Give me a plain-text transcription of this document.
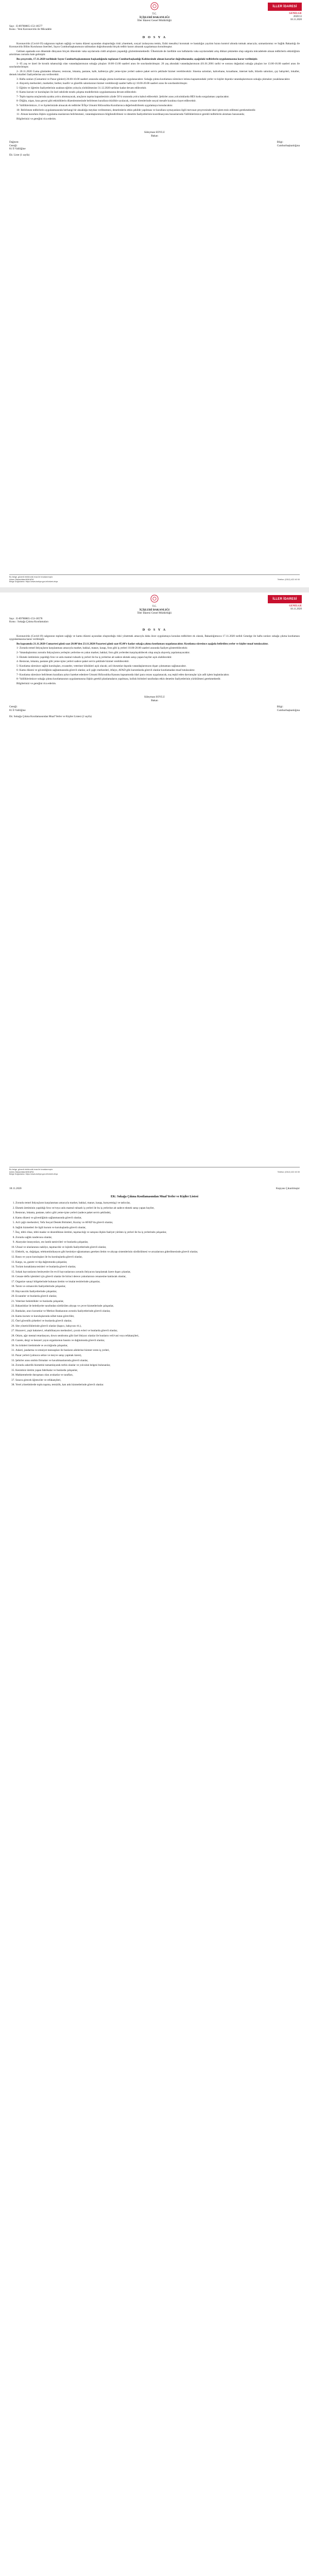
T.C.
İÇİŞLERİ BAKANLIĞI
İller İdaresi Genel Müdürlüğü
İLLER İDARESİ
GENELGE
2020/13
18.11.2020
Sayı : E-89780865-153-18577
Konu : Yeni Koronavirüs ile Mücadele
D O S Y A

Koronavirüs (Covid-19) salgınının toplum sağlığı ve kamu düzeni açısından oluşturduğu riski yönetmek, sosyal izolasyonu temin, fiziki mesafeyi korumak ve hastalığın yayılım hızını kontrol altında tutmak amacıyla; uzmanlarımız ve Sağlık Bakanlığı ile Koronavirüs Bilim Kurulunun önerileri, Sayın Cumhurbaşkanımızın talimatları doğrultusunda birçok tedbir kararı alınarak uygulamaya konulmuştur.

Gelinen aşamada son dönemde dünyanın birçok ülkesinde vaka sayılarında ciddi artışların yaşandığı gözlemlenmektedir. Ülkemizde de özellikle son haftalarda vaka sayılarındaki artış dikkat çekmekte olup salgınla mücadelede alınan tedbirlerin etkinliğinin artırılması zorunlu hale gelmiştir.

Bu çerçevede, 17.11.2020 tarihinde Sayın Cumhurbaşkanımızın başkanlığında toplanan Cumhurbaşkanlığı Kabinesinde alınan kararlar doğrultusunda; aşağıdaki tedbirlerin uygulanmasına karar verilmiştir.

1- 65 yaş ve üzeri ile kronik rahatsızlığı olan vatandaşlarımızın sokağa çıkışları 10.00-13.00 saatleri arası ile sınırlandırılmıştır. 20 yaş altındaki vatandaşlarımızın (01.01.2001 tarihi ve sonrası doğanlar) sokağa çıkışları ise 13.00-16.00 saatleri arası ile sınırlandırılmıştır.

2- 20.11.2020 Cuma gününden itibaren; restoran, lokanta, pastane, kafe, kafeterya gibi yeme-içme yerleri sadece paket servis şeklinde hizmet verebilecektir. Sinema salonları, kahvehane, kıraathane, internet kafe, bilardo salonları, çay bahçeleri, lokaller, dernek lokalleri faaliyetlerine ara verilecektir.

3- Hafta sonları (Cumartesi ve Pazar günleri) 20.00-10.00 saatleri arasında sokağa çıkma kısıtlaması uygulanacaktır. Sokağa çıkma kısıtlaması süresince istisna kapsamındaki yerler ve kişiler dışında vatandaşlarımızın sokağa çıkmaları yasaklanacaktır.

4- Alışveriş merkezleri, marketler, berber, kuaför ve güzellik salonlarının hizmet verebileceği saatler hafta içi 10.00-20.00 saatleri arası ile sınırlandırılmıştır.

5- Eğitim ve öğretim faaliyetlerinin uzaktan eğitim yoluyla yürütülmesine 31.12.2020 tarihine kadar devam edilecektir.

6- Kamu kurum ve kuruluşları ile özel sektörde esnek çalışma modellerinin uygulanmasına devam edilecektir.

7- Toplu taşıma araçlarında ayakta yolcu alınmayacak, araçların taşıma kapasitesinin yüzde 50’si oranında yolcu kabul edilecektir. Şehirler arası yolculuklarda HES kodu sorgulaması yapılacaktır.

8- Düğün, nişan, kına gecesi gibi etkinliklerin düzenlenmesinde belirlenen kurallara titizlikle uyulacak, cenaze törenlerinde sosyal mesafe kuralına riayet edilecektir.

9- Valiliklerimizce, il ve ilçelerimizde alınacak ek tedbirler İl/İlçe Umumi Hıfzıssıhha Kurullarınca değerlendirilerek uygulamaya konulacaktır.

10- Belirlenen tedbirlerin uygulanmasında herhangi bir aksaklığa meydan verilmemesi, denetimlerin etkin şekilde yapılması ve kurallara uymayanlara ilgili mevzuat çerçevesinde idari işlem tesis edilmesi gerekmektedir.

11- Alınan kararlara ilişkin uygulama esaslarının belirlenmesi, vatandaşlarımızın bilgilendirilmesi ve denetim faaliyetlerinin koordinasyonu hususlarında Valiliklerimizce gerekli tedbirlerin alınması hususunda;

Bilgilerinizi ve gereğini rica ederim.

Süleyman SOYLU
Bakan
Dağıtım:
Gereği:
81 İl Valiliğine
Bilgi:
Cumhurbaşkanlığına
Ek: Liste (1 sayfa)
Bu belge, güvenli elektronik imza ile imzalanmıştır.
Adres: Bakanlıklar/ANKARA	Telefon: (0312) 422 40 00
Belge Doğrulama: https://www.turkiye.gov.tr/icisleri-ebys
T.C.
İÇİŞLERİ BAKANLIĞI
İller İdaresi Genel Müdürlüğü
İLLER İDARESİ
GENELGE
18.11.2020
Sayı : E-89780865-153-18578
Konu : Sokağa Çıkma Kısıtlamaları
D O S Y A

Koronavirüs (Covid-19) salgınının toplum sağlığı ve kamu düzeni açısından oluşturduğu riski yönetmek amacıyla daha önce uygulamaya konulan tedbirlere ek olarak, Bakanlığımızca 17.11.2020 tarihli Genelge ile hafta sonları sokağa çıkma kısıtlaması uygulanmasına karar verilmiştir.

Bu kapsamda 21.11.2020 Cumartesi günü saat 20.00’den 23.11.2020 Pazartesi günü saat 05.00’e kadar sokağa çıkma kısıtlaması uygulanacaktır. Kısıtlama süresince aşağıda belirtilen yerler ve kişiler muaf tutulacaktır.

1- Zorunlu temel ihtiyaçların karşılanması amacıyla market, bakkal, manav, kasap, fırın gibi iş yerleri 10.00-20.00 saatleri arasında faaliyet gösterebilecektir.

2- Vatandaşlarımız zorunlu ihtiyaçlarını yerleşim yerlerine en yakın market, bakkal, fırın gibi yerlerden karşılayabilecek olup araçla alışveriş yapılamayacaktır.

3- Ekmek üretiminin yapıldığı fırın ve unlu mamul ruhsatlı iş yerleri ile bu iş yerlerine ait sadece ekmek satışı yapan bayiler açık olabilecektir.

4- Restoran, lokanta, pastane gibi yeme-içme yerleri sadece paket servis şeklinde hizmet verebilecektir.

5- Kısıtlama süresince sağlık kuruluşları, eczaneler, veteriner klinikleri açık olacak; acil durumlar dışında vatandaşlarımızın dışarı çıkmaması sağlanacaktır.

6- Kamu düzeni ve güvenliğinin sağlanmasında görevli olanlar, acil çağrı merkezleri, itfaiye, AFAD gibi kurumlarda görevli olanlar kısıtlamadan muaf tutulacaktır.

7- Kısıtlama süresince belirlenen kurallara aykırı hareket edenlere Umumi Hıfzıssıhha Kanunu kapsamında idari para cezası uygulanacak, suç teşkil eden davranışlar için adli işlem başlatılacaktır.

8- Valiliklerimizce sokağa çıkma kısıtlamasının uygulanmasına ilişkin gerekli planlamaların yapılması, kolluk birimleri tarafından etkin denetim faaliyetlerinin yürütülmesi gerekmektedir.

Bilgilerinizi ve gereğini rica ederim.

Süleyman SOYLU
Bakan
Gereği:
81 İl Valiliğine
Bilgi:
Cumhurbaşkanlığına
Ek: Sokağa Çıkma Kısıtlamasından Muaf Yerler ve Kişiler Listesi (2 sayfa)
Bu belge, güvenli elektronik imza ile imzalanmıştır.
Adres: Bakanlıklar/ANKARA	Telefon: (0312) 422 40 00
Belge Doğrulama: https://www.turkiye.gov.tr/icisleri-ebys
18.11.2020	Kopyası Çıkarılmıştır
EK: Sokağa Çıkma Kısıtlamasından Muaf Yerler ve Kişiler Listesi
1. Zorunlu temel ihtiyaçların karşılanması amacıyla market, bakkal, manav, kasap, kuruyemişçi ve tatlıcılar,
2. Ekmek üretiminin yapıldığı fırın ve/veya unlu mamul ruhsatlı iş yerleri ile bu iş yerlerine ait sadece ekmek satışı yapan bayiler,
3. Restoran, lokanta, pastane, tatlıcı gibi yeme-içme yerleri (sadece paket servis şeklinde),
4. Kamu düzeni ve güvenliğinin sağlanmasında görevli olanlar,
5. Acil çağrı merkezleri, Vefa Sosyal Destek Birimleri, Kızılay ve AFAD’da görevli olanlar,
6. Sağlık hizmetleri ile ilgili kurum ve kuruluşlarda görevli olanlar,
7. İlaç, tıbbi cihaz, tıbbi maske ve dezenfektan üretimi, taşımacılığı ve satışına ilişkin faaliyet yürüten iş yerleri ile bu iş yerlerinde çalışanlar,
8. Zorunlu sağlık randevusu olanlar,
9. Akaryakıt istasyonları, oto lastik tamircileri ve bunlarda çalışanlar,
10. Ulusal ve uluslararası nakliye, taşımacılık ve lojistik faaliyetlerinde görevli olanlar,
11. Elektrik, su, doğalgaz, telekomünikasyon gibi kesintiye uğramaması gereken iletim ve altyapı sistemlerinin sürdürülmesi ve arızalarının giderilmesinde görevli olanlar,
12. Basın ve yayın kuruluşları ile bu kuruluşlarda görevli olanlar,
13. Kargo, su, gazete ve tüp dağıtımında çalışanlar,
14. Turizm konaklama tesisleri ve bunlarda görevli olanlar,
15. Sokak hayvanlarını besleyenler ile evcil hayvanlarının zorunlu ihtiyacını karşılamak üzere dışarı çıkanlar,
16. Cenaze defin işlemleri için görevli olanlar ile birinci derece yakınlarının cenazesine katılacak olanlar,
17. Organize sanayi bölgelerinde bulunan üretim ve imalat tesislerinde çalışanlar,
18. Tarım ve ormancılık faaliyetlerinde çalışanlar,
19. Hayvancılık faaliyetlerinde çalışanlar,
20. Eczaneler ve bunlarda görevli olanlar,
21. Veteriner hekimlikler ve bunlarda çalışanlar,
22. Bakanlıklar ile belediyeler tarafından sürdürülen altyapı ve çevre hizmetlerinde çalışanlar,
23. Bankalar, aracı kurumlar ve Merkez Bankasının zorunlu faaliyetlerinde görevli olanlar,
24. Kamu kurum ve kuruluşlarında nöbet tutan görevliler,
25. Özel güvenlik şirketleri ve bunlarda görevli olanlar,
26. Site yöneticiliklerinde görevli olanlar (kapıcı, bahçıvan vb.),
27. Huzurevi, yaşlı bakımevi, rehabilitasyon merkezleri, çocuk evleri ve bunlarda görevli olanlar,
28. Otizm, ağır mental retardasyon, down sendromu gibi özel ihtiyacı olanlar ile bunların veli/vasi veya refakatçileri,
29. Gazete, dergi ve benzeri yayın organlarının basımı ve dağıtımında görevli olanlar,
30. Su ürünleri üretiminde ve avcılığında çalışanlar,
31. Askeri, jandarma ve emniyet mensupları ile bunların ailelerine hizmet veren iş yerleri,
32. Pazar yerleri (yalnızca sebze ve meyve satışı yapmak üzere),
33. Şehirler arası otobüs firmaları ve havalimanlarında görevli olanlar,
34. Zorunlu askerlik hizmetini tamamlayarak terhis olanlar ve yolculuk belgesi bulunanlar,
35. Kesintisiz üretim yapan fabrikalar ve bunlarda çalışanlar,
36. Mahkemelerde duruşması olan avukatlar ve tarafları,
37. Sınava girecek öğrenciler ve refakatçileri,
38. Yerel yönetimlerde toplu taşıma, temizlik, katı atık hizmetlerinde görevli olanlar.
